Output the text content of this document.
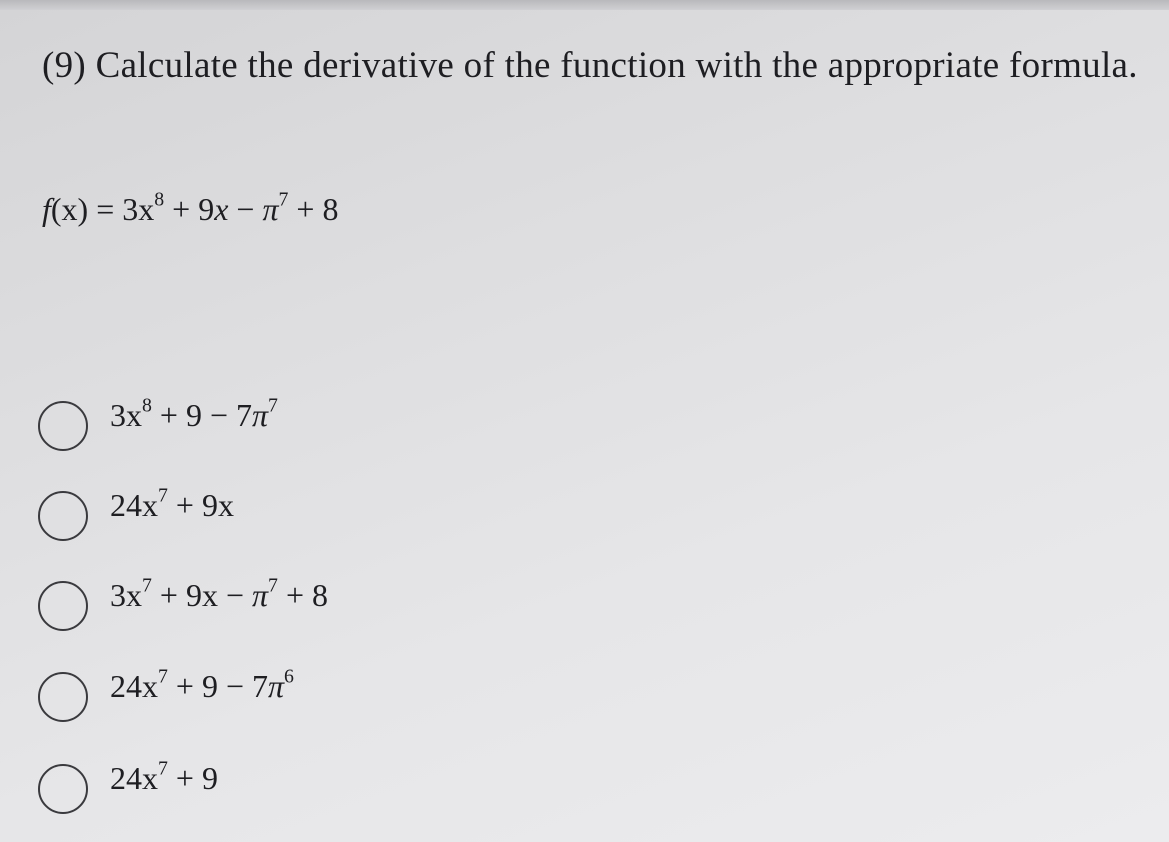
(9) Calculate the derivative of the function with the appropriate formula.
$f(x) = 3x^8 + 9x - \pi^7 + 8$
$3x^8 + 9 - 7\pi^7$
$24x^7 + 9x$
$3x^7 + 9x - \pi^7 + 8$
$24x^7 + 9 - 7\pi^6$
$24x^7 + 9$
